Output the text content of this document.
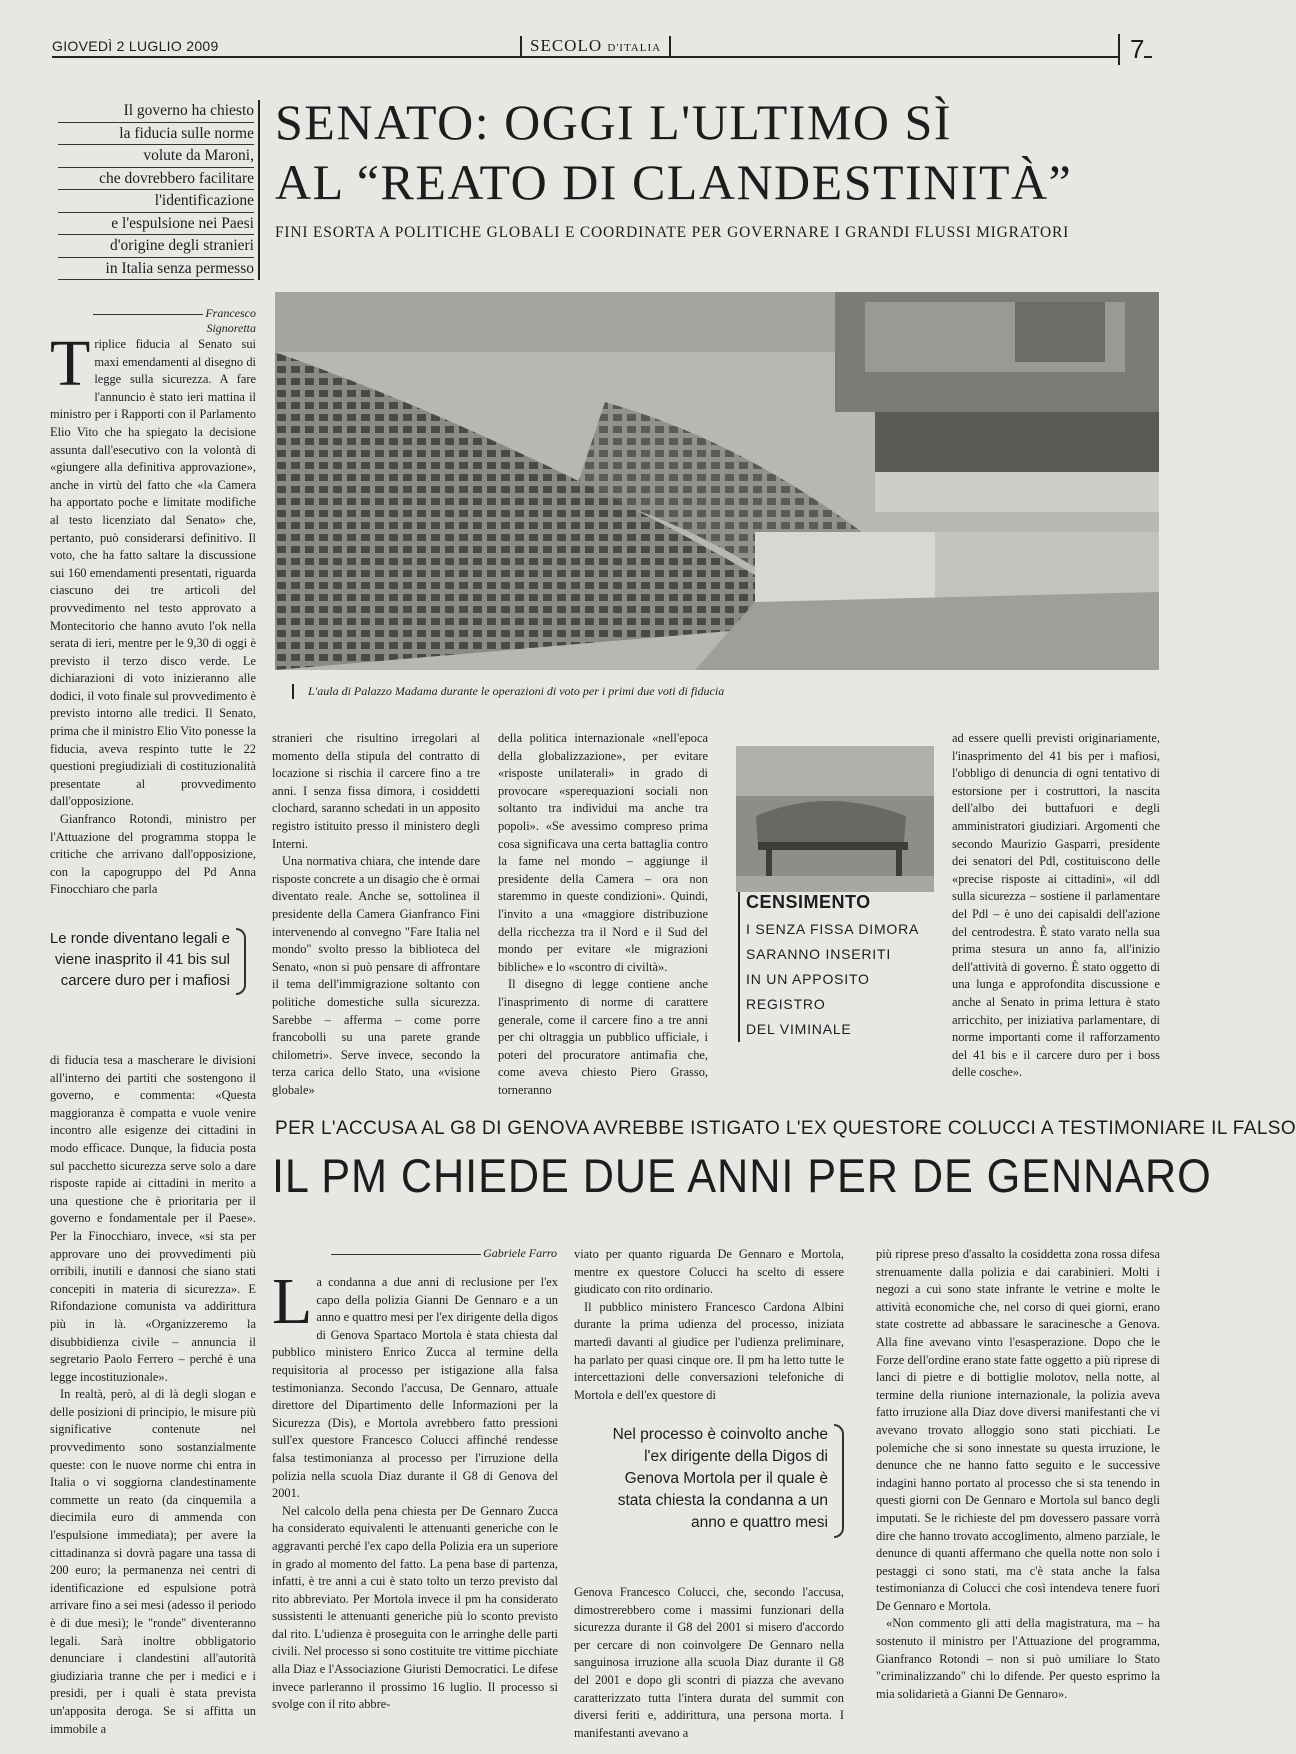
GIOVEDÌ 2 LUGLIO 2009	SECOLO D'ITALIA	7
Il governo ha chiesto
la fiducia sulle norme
volute da Maroni,
che dovrebbero facilitare
l'identificazione
e l'espulsione nei Paesi
d'origine degli stranieri
in Italia senza permesso
SENATO: OGGI L'ULTIMO SÌ
AL “REATO DI CLANDESTINITÀ”
FINI ESORTA A POLITICHE GLOBALI E COORDINATE PER GOVERNARE I GRANDI FLUSSI MIGRATORI
Francesco Signoretta
T riplice fiducia al Senato sui maxi emendamenti al disegno di legge sulla sicurezza. A fare l'annuncio è stato ieri mattina il ministro per i Rapporti con il Parlamento Elio Vito che ha spiegato la decisione assunta dall'esecutivo con la volontà di «giungere alla definitiva approvazione», anche in virtù del fatto che «la Camera ha apportato poche e limitate modifiche al testo licenziato dal Senato» che, pertanto, può considerarsi definitivo. Il voto, che ha fatto saltare la discussione sui 160 emendamenti presentati, riguarda ciascuno dei tre articoli del provvedimento nel testo approvato a Montecitorio che hanno avuto l'ok nella serata di ieri, mentre per le 9,30 di oggi è previsto il terzo disco verde. Le dichiarazioni di voto inizieranno alle dodici, il voto finale sul provvedimento è previsto intorno alle tredici. Il Senato, prima che il ministro Elio Vito ponesse la fiducia, aveva respinto tutte le 22 questioni pregiudiziali di costituzionalità presentate al provvedimento dall'opposizione.

Gianfranco Rotondi, ministro per l'Attuazione del programma stoppa le critiche che arrivano dall'opposizione, con la capogruppo del Pd Anna Finocchiaro che parla

Le ronde diventano legali e viene inasprito il 41 bis sul carcere duro per i mafiosi

di fiducia tesa a mascherare le divisioni all'interno dei partiti che sostengono il governo, e commenta: «Questa maggioranza è compatta e vuole venire incontro alle esigenze dei cittadini in modo efficace. Dunque, la fiducia posta sul pacchetto sicurezza serve solo a dare risposte rapide ai cittadini in merito a una questione che è prioritaria per il governo e fondamentale per il Paese». Per la Finocchiaro, invece, «si sta per approvare uno dei provvedimenti più orribili, inutili e dannosi che siano stati concepiti in materia di sicurezza». E Rifondazione comunista va addirittura più in là. «Organizzeremo la disubbidienza civile – annuncia il segretario Paolo Ferrero – perché è una legge incostituzionale».

In realtà, però, al di là degli slogan e delle posizioni di principio, le misure più significative contenute nel provvedimento sono sostanzialmente queste: con le nuove norme chi entra in Italia o vi soggiorna clandestinamente commette un reato (da cinquemila a diecimila euro di ammenda con l'espulsione immediata); per avere la cittadinanza si dovrà pagare una tassa di 200 euro; la permanenza nei centri di identificazione ed espulsione potrà arrivare fino a sei mesi (adesso il periodo è di due mesi); le "ronde" diventeranno legali. Sarà inoltre obbligatorio denunciare i clandestini all'autorità giudiziaria tranne che per i medici e i presidi, per i quali è stata prevista un'apposita deroga. Se si affitta un immobile a

L'aula di Palazzo Madama durante le operazioni di voto per i primi due voti di fiducia

stranieri che risultino irregolari al momento della stipula del contratto di locazione si rischia il carcere fino a tre anni. I senza fissa dimora, i cosiddetti clochard, saranno schedati in un apposito registro istituito presso il ministero degli Interni.

Una normativa chiara, che intende dare risposte concrete a un disagio che è ormai diventato reale. Anche se, sottolinea il presidente della Camera Gianfranco Fini intervenendo al convegno "Fare Italia nel mondo" svolto presso la biblioteca del Senato, «non si può pensare di affrontare il tema dell'immigrazione soltanto con politiche domestiche sulla sicurezza. Sarebbe – afferma – come porre francobolli su una parete grande chilometri». Serve invece, secondo la terza carica dello Stato, una «visione globale»

della politica internazionale «nell'epoca della globalizzazione», per evitare «risposte unilaterali» in grado di provocare «sperequazioni sociali non soltanto tra individui ma anche tra popoli». «Se avessimo compreso prima cosa significava una certa battaglia contro la fame nel mondo – aggiunge il presidente della Camera – ora non staremmo in queste condizioni». Quindi, l'invito a una «maggiore distribuzione della ricchezza tra il Nord e il Sud del mondo per evitare «le migrazioni bibliche» e lo «scontro di civiltà».

Il disegno di legge contiene anche l'inasprimento di norme di carattere generale, come il carcere fino a tre anni per chi oltraggia un pubblico ufficiale, i poteri del procuratore antimafia che, come aveva chiesto Piero Grasso, torneranno

CENSIMENTO
I SENZA FISSA DIMORA
SARANNO INSERITI
IN UN APPOSITO
REGISTRO
DEL VIMINALE

ad essere quelli previsti originariamente, l'inasprimento del 41 bis per i mafiosi, l'obbligo di denuncia di ogni tentativo di estorsione per i costruttori, la nascita dell'albo dei buttafuori e degli amministratori giudiziari. Argomenti che secondo Maurizio Gasparri, presidente dei senatori del Pdl, costituiscono delle «precise risposte ai cittadini», «il ddl sulla sicurezza – sostiene il parlamentare del Pdl – è uno dei capisaldi dell'azione del centrodestra. È stato varato nella sua prima stesura un anno fa, all'inizio dell'attività di governo. È stato oggetto di una lunga e approfondita discussione e anche al Senato in prima lettura è stato arricchito, per iniziativa parlamentare, di norme importanti come il rafforzamento del 41 bis e il carcere duro per i boss delle cosche».

PER L'ACCUSA AL G8 DI GENOVA AVREBBE ISTIGATO L'EX QUESTORE COLUCCI A TESTIMONIARE IL FALSO
IL PM CHIEDE DUE ANNI PER DE GENNARO
Gabriele Farro
L a condanna a due anni di reclusione per l'ex capo della polizia Gianni De Gennaro e a un anno e quattro mesi per l'ex dirigente della digos di Genova Spartaco Mortola è stata chiesta dal pubblico ministero Enrico Zucca al termine della requisitoria al processo per istigazione alla falsa testimonianza. Secondo l'accusa, De Gennaro, attuale direttore del Dipartimento delle Informazioni per la Sicurezza (Dis), e Mortola avrebbero fatto pressioni sull'ex questore Francesco Colucci affinché rendesse falsa testimonianza al processo per l'irruzione della polizia nella scuola Diaz durante il G8 di Genova del 2001.

Nel calcolo della pena chiesta per De Gennaro Zucca ha considerato equivalenti le attenuanti generiche con le aggravanti perché l'ex capo della Polizia era un superiore in grado al momento del fatto. La pena base di partenza, infatti, è tre anni a cui è stato tolto un terzo previsto dal rito abbreviato. Per Mortola invece il pm ha considerato sussistenti le attenuanti generiche più lo sconto previsto dal rito. L'udienza è proseguita con le arringhe delle parti civili. Nel processo si sono costituite tre vittime picchiate alla Diaz e l'Associazione Giuristi Democratici. Le difese invece parleranno il prossimo 16 luglio. Il processo si svolge con il rito abbre-

viato per quanto riguarda De Gennaro e Mortola, mentre ex questore Colucci ha scelto di essere giudicato con rito ordinario.

Il pubblico ministero Francesco Cardona Albini durante la prima udienza del processo, iniziata martedì davanti al giudice per l'udienza preliminare, ha parlato per quasi cinque ore. Il pm ha letto tutte le intercettazioni delle conversazioni telefoniche di Mortola e dell'ex questore di

Nel processo è coinvolto anche l'ex dirigente della Digos di Genova Mortola per il quale è stata chiesta la condanna a un anno e quattro mesi

Genova Francesco Colucci, che, secondo l'accusa, dimostrerebbero come i massimi funzionari della sicurezza durante il G8 del 2001 si misero d'accordo per cercare di non coinvolgere De Gennaro nella sanguinosa irruzione alla scuola Diaz durante il G8 del 2001 e dopo gli scontri di piazza che avevano caratterizzato tutta l'intera durata del summit con diversi feriti e, addirittura, una persona morta. I manifestanti avevano a

più riprese preso d'assalto la cosiddetta zona rossa difesa strenuamente dalla polizia e dai carabinieri. Molti i negozi a cui sono state infrante le vetrine e molte le attività economiche che, nel corso di quei giorni, erano state costrette ad abbassare le saracinesche a Genova. Alla fine avevano vinto l'esasperazione. Dopo che le Forze dell'ordine erano state fatte oggetto a più riprese di lanci di pietre e di bottiglie molotov, nella notte, al termine della riunione internazionale, la polizia aveva fatto irruzione alla Diaz dove diversi manifestanti che vi avevano trovato alloggio sono stati picchiati. Le polemiche che si sono innestate su questa irruzione, le denunce che ne hanno fatto seguito e le successive indagini hanno portato al processo che si sta tenendo in questi giorni con De Gennaro e Mortola sul banco degli imputati. Se le richieste del pm dovessero passare vorrà dire che hanno trovato accoglimento, almeno parziale, le denunce di quanti affermano che quella notte non solo i pestaggi ci sono stati, ma c'è stata anche la falsa testimonianza di Colucci che così intendeva tenere fuori De Gennaro e Mortola.

«Non commento gli atti della magistratura, ma – ha sostenuto il ministro per l'Attuazione del programma, Gianfranco Rotondi – non si può umiliare lo Stato "criminalizzando" chi lo difende. Per questo esprimo la mia solidarietà a Gianni De Gennaro».
